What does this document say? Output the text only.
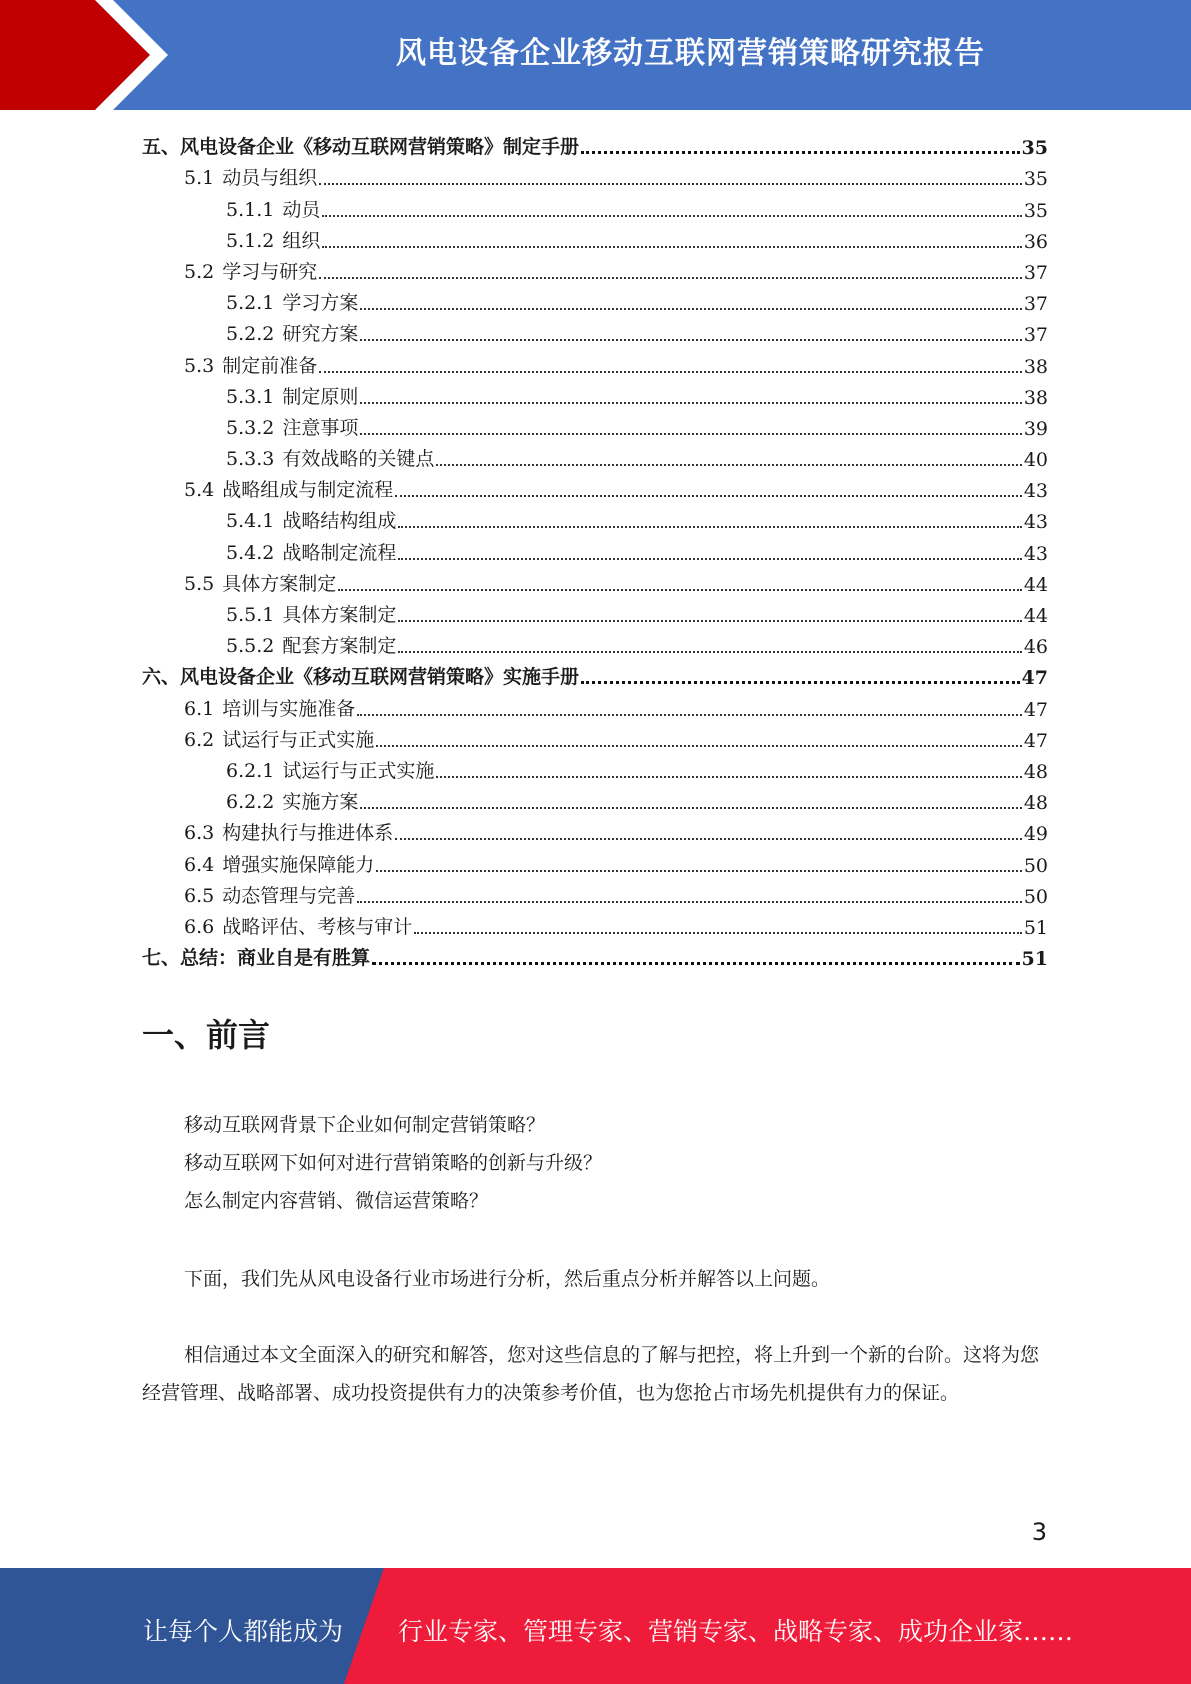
风电设备企业移动互联网营销策略研究报告
五、风电设备企业《移动互联网营销策略》制定手册	35
5.1 动员与组织	35
5.1.1 动员	35
5.1.2 组织	36
5.2 学习与研究	37
5.2.1 学习方案	37
5.2.2 研究方案	37
5.3 制定前准备	38
5.3.1 制定原则	38
5.3.2 注意事项	39
5.3.3 有效战略的关键点	40
5.4 战略组成与制定流程	43
5.4.1 战略结构组成	43
5.4.2 战略制定流程	43
5.5 具体方案制定	44
5.5.1 具体方案制定	44
5.5.2 配套方案制定	46
六、风电设备企业《移动互联网营销策略》实施手册	47
6.1 培训与实施准备	47
6.2 试运行与正式实施	47
6.2.1 试运行与正式实施	48
6.2.2 实施方案	48
6.3 构建执行与推进体系	49
6.4 增强实施保障能力	50
6.5 动态管理与完善	50
6.6 战略评估、考核与审计	51
七、总结：商业自是有胜算	51
一、前言
移动互联网背景下企业如何制定营销策略？
移动互联网下如何对进行营销策略的创新与升级？
怎么制定内容营销、微信运营策略？
下面，我们先从风电设备行业市场进行分析，然后重点分析并解答以上问题。
相信通过本文全面深入的研究和解答，您对这些信息的了解与把控，将上升到一个新的台阶。这将为您经营管理、战略部署、成功投资提供有力的决策参考价值，也为您抢占市场先机提供有力的保证。
3
让每个人都能成为 行业专家、管理专家、营销专家、战略专家、成功企业家……
